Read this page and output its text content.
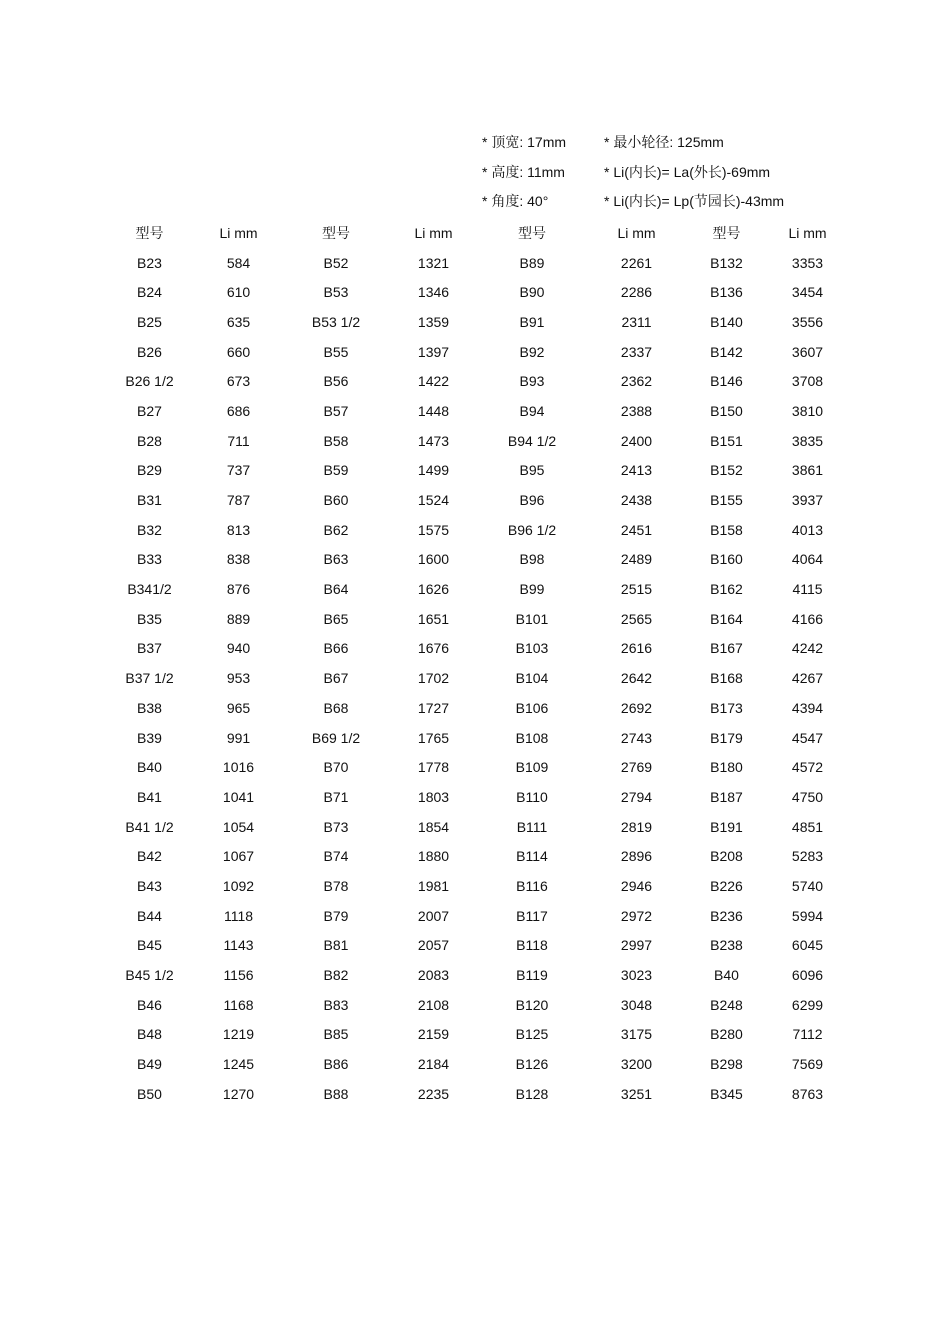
* 顶宽: 17mm	* 最小轮径: 125mm
* 高度: 11mm	* Li(内长)= La(外长)-69mm
* 角度: 40°	* Li(内长)= Lp(节园长)-43mm
型号	Li mm	型号	Li mm	型号	Li mm	型号	Li mm
B23	584	B52	1321	B89	2261	B132	3353
B24	610	B53	1346	B90	2286	B136	3454
B25	635	B53 1/2	1359	B91	2311	B140	3556
B26	660	B55	1397	B92	2337	B142	3607
B26 1/2	673	B56	1422	B93	2362	B146	3708
B27	686	B57	1448	B94	2388	B150	3810
B28	711	B58	1473	B94 1/2	2400	B151	3835
B29	737	B59	1499	B95	2413	B152	3861
B31	787	B60	1524	B96	2438	B155	3937
B32	813	B62	1575	B96 1/2	2451	B158	4013
B33	838	B63	1600	B98	2489	B160	4064
B341/2	876	B64	1626	B99	2515	B162	4115
B35	889	B65	1651	B101	2565	B164	4166
B37	940	B66	1676	B103	2616	B167	4242
B37 1/2	953	B67	1702	B104	2642	B168	4267
B38	965	B68	1727	B106	2692	B173	4394
B39	991	B69 1/2	1765	B108	2743	B179	4547
B40	1016	B70	1778	B109	2769	B180	4572
B41	1041	B71	1803	B110	2794	B187	4750
B41 1/2	1054	B73	1854	B111	2819	B191	4851
B42	1067	B74	1880	B114	2896	B208	5283
B43	1092	B78	1981	B116	2946	B226	5740
B44	1118	B79	2007	B117	2972	B236	5994
B45	1143	B81	2057	B118	2997	B238	6045
B45 1/2	1156	B82	2083	B119	3023	B40	6096
B46	1168	B83	2108	B120	3048	B248	6299
B48	1219	B85	2159	B125	3175	B280	7112
B49	1245	B86	2184	B126	3200	B298	7569
B50	1270	B88	2235	B128	3251	B345	8763
